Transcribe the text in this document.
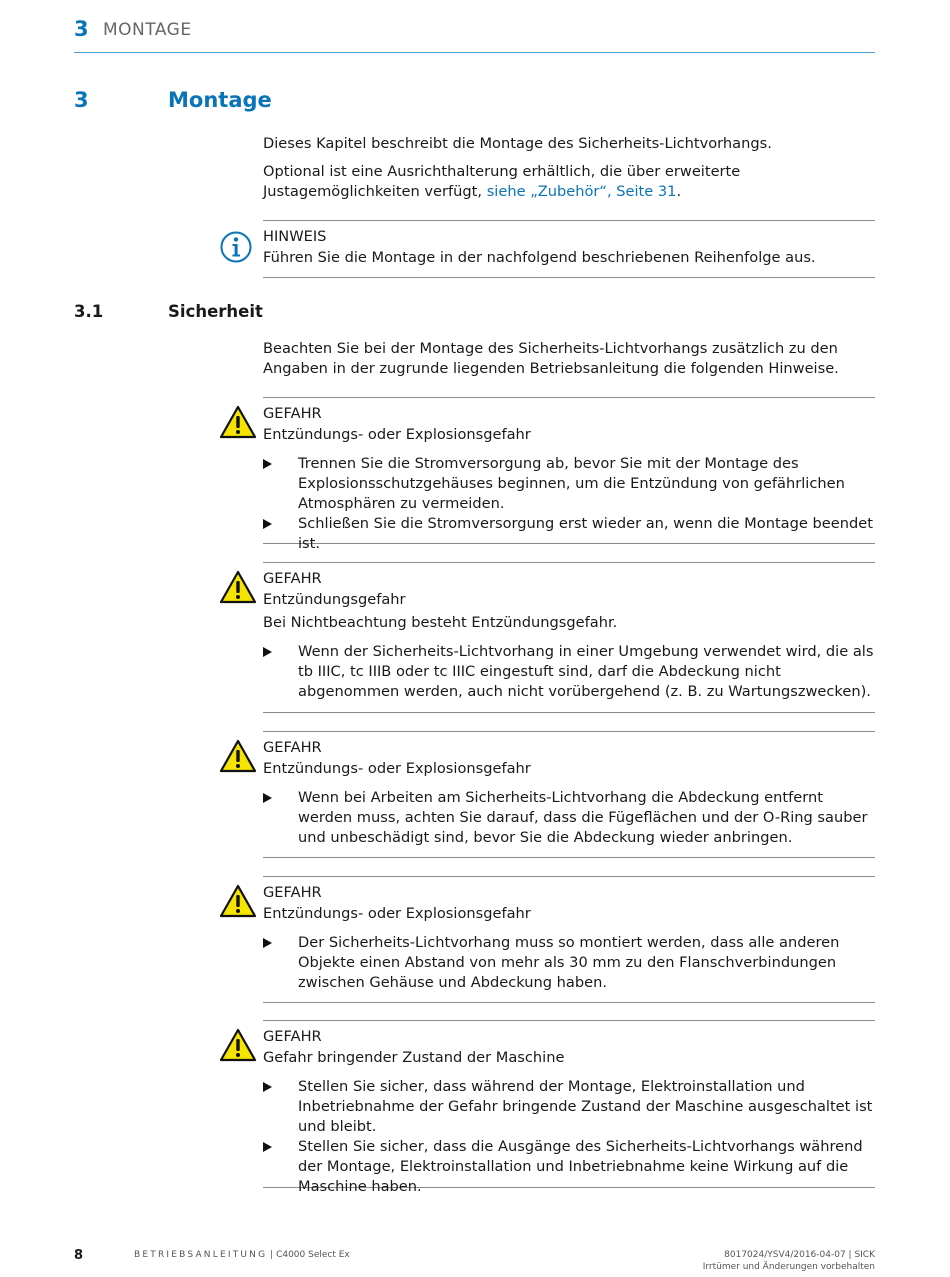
3 MONTAGE
3	Montage

Dieses Kapitel beschreibt die Montage des Sicherheits-Lichtvorhangs.

Optional ist eine Ausrichthalterung erhältlich, die über erweiterte Justagemöglichkeiten verfügt, siehe „Zubehör“, Seite 31.

HINWEIS
Führen Sie die Montage in der nachfolgend beschriebenen Reihenfolge aus.
3.1	Sicherheit

Beachten Sie bei der Montage des Sicherheits-Lichtvorhangs zusätzlich zu den Angaben in der zugrunde liegenden Betriebsanleitung die folgenden Hinweise.

GEFAHR
Entzündungs- oder Explosionsgefahr
Trennen Sie die Stromversorgung ab, bevor Sie mit der Montage des Explosionsschutzgehäuses beginnen, um die Entzündung von gefährlichen Atmosphären zu vermeiden.
Schließen Sie die Stromversorgung erst wieder an, wenn die Montage beendet ist.
GEFAHR
Entzündungsgefahr
Bei Nichtbeachtung besteht Entzündungsgefahr.
Wenn der Sicherheits-Lichtvorhang in einer Umgebung verwendet wird, die als tb IIIC, tc IIIB oder tc IIIC eingestuft sind, darf die Abdeckung nicht abgenommen werden, auch nicht vorübergehend (z. B. zu Wartungszwecken).
GEFAHR
Entzündungs- oder Explosionsgefahr
Wenn bei Arbeiten am Sicherheits-Lichtvorhang die Abdeckung entfernt werden muss, achten Sie darauf, dass die Fügeflächen und der O-Ring sauber und unbeschädigt sind, bevor Sie die Abdeckung wieder anbringen.
GEFAHR
Entzündungs- oder Explosionsgefahr
Der Sicherheits-Lichtvorhang muss so montiert werden, dass alle anderen Objekte einen Abstand von mehr als 30 mm zu den Flanschverbindungen zwischen Gehäuse und Abdeckung haben.
GEFAHR
Gefahr bringender Zustand der Maschine
Stellen Sie sicher, dass während der Montage, Elektroinstallation und Inbetriebnahme der Gefahr bringende Zustand der Maschine ausgeschaltet ist und bleibt.
Stellen Sie sicher, dass die Ausgänge des Sicherheits-Lichtvorhangs während der Montage, Elektroinstallation und Inbetriebnahme keine Wirkung auf die Maschine haben.
8	BETRIEBSANLEITUNG | C4000 Select Ex	8017024/YSV4/2016-04-07 | SICK
Irrtümer und Änderungen vorbehalten
